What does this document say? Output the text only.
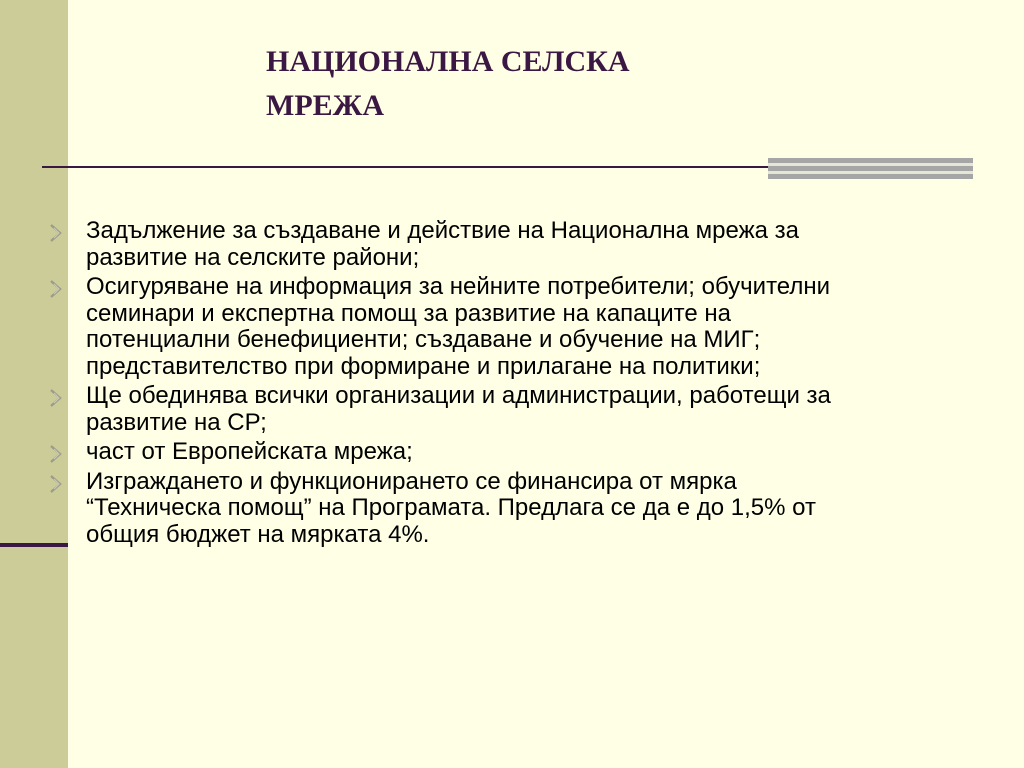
НАЦИОНАЛНА СЕЛСКА
МРЕЖА
Задължение за създаване и действие на Национална мрежа за
развитие на селските райони;
Осигуряване на информация за нейните потребители; обучителни
семинари и експертна помощ за развитие на капаците на
потенциални бенефициенти; създаване и обучение на МИГ;
представителство при формиране и прилагане на политики;
Ще обединява всички организации и администрации, работещи за
развитие на СР;
част от Европейската мрежа;
Изграждането и функционирането се финансира от мярка
“Техническа помощ” на Програмата. Предлага се да е до 1,5% от
общия бюджет на мярката 4%.
